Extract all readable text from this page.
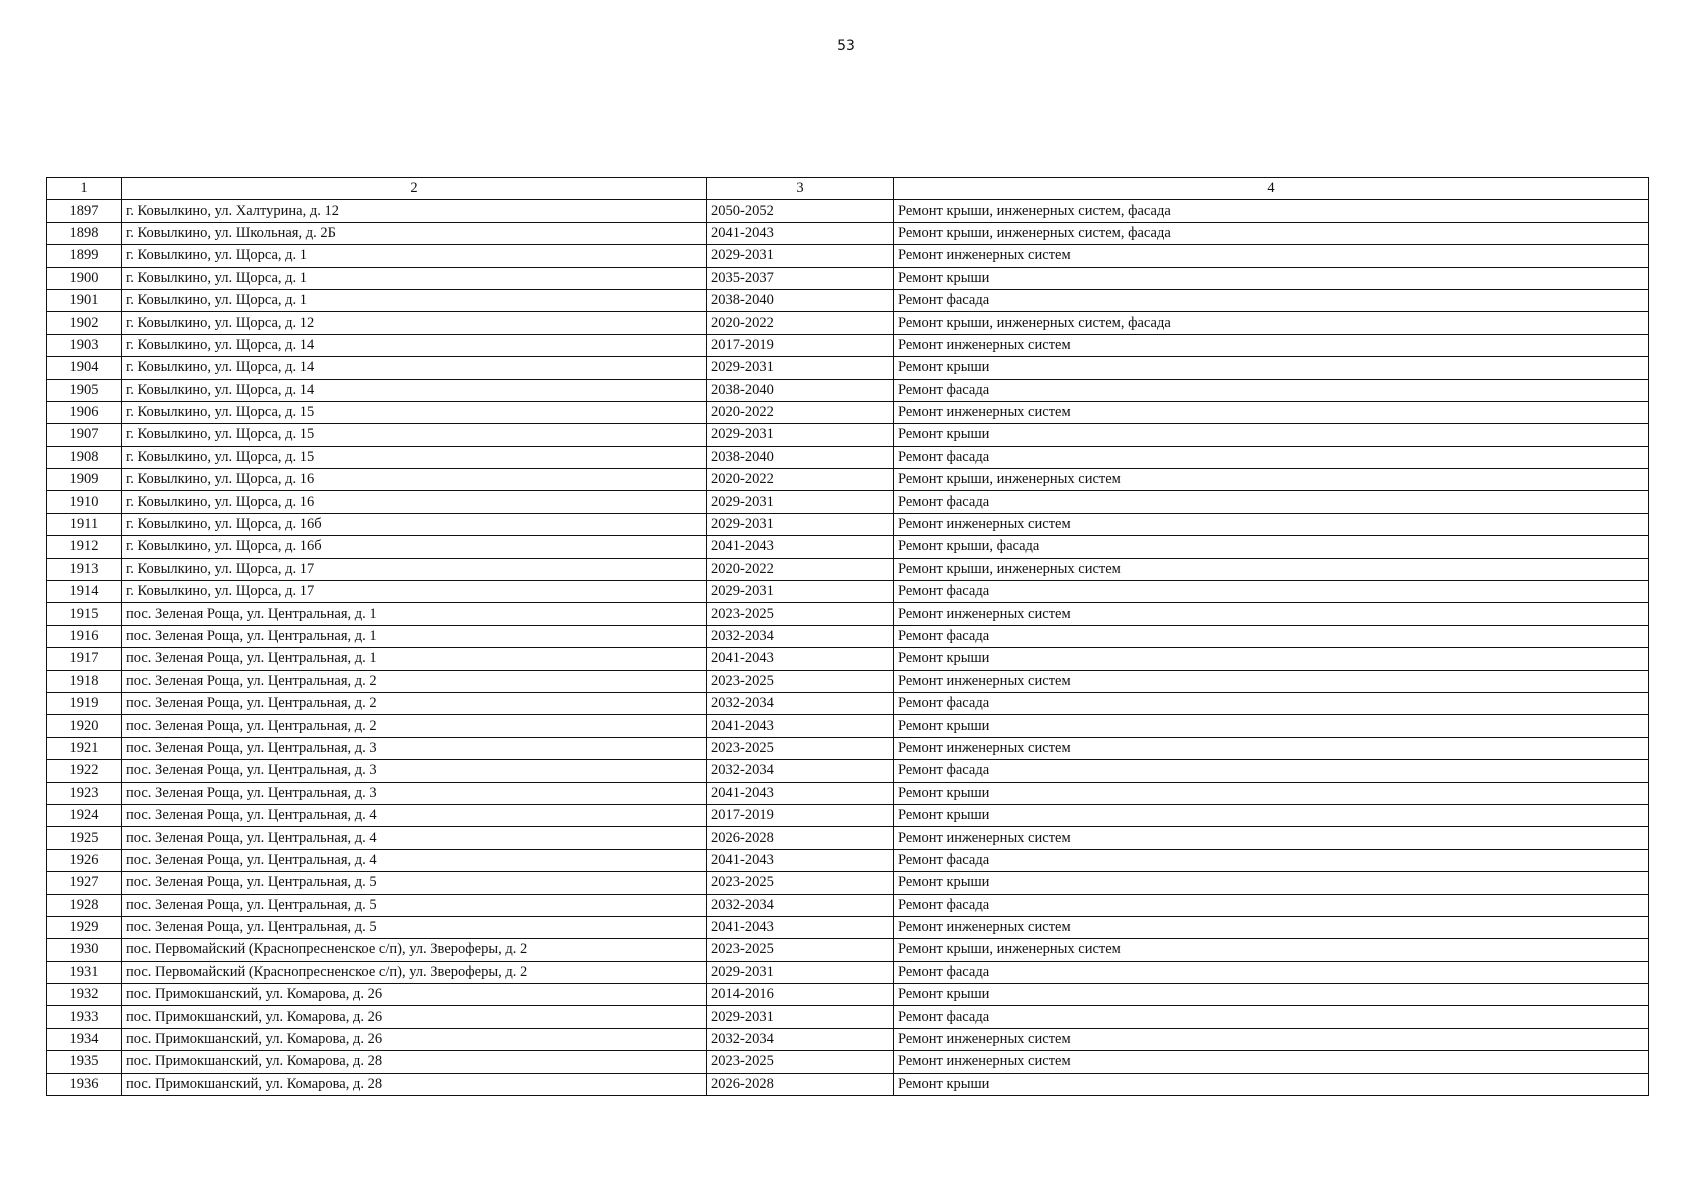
53
1	2	3	4
1897	г. Ковылкино, ул. Халтурина, д. 12	2050-2052	Ремонт крыши, инженерных систем, фасада
1898	г. Ковылкино, ул. Школьная, д. 2Б	2041-2043	Ремонт крыши, инженерных систем, фасада
1899	г. Ковылкино, ул. Щорса, д. 1	2029-2031	Ремонт инженерных систем
1900	г. Ковылкино, ул. Щорса, д. 1	2035-2037	Ремонт крыши
1901	г. Ковылкино, ул. Щорса, д. 1	2038-2040	Ремонт фасада
1902	г. Ковылкино, ул. Щорса, д. 12	2020-2022	Ремонт крыши, инженерных систем, фасада
1903	г. Ковылкино, ул. Щорса, д. 14	2017-2019	Ремонт инженерных систем
1904	г. Ковылкино, ул. Щорса, д. 14	2029-2031	Ремонт крыши
1905	г. Ковылкино, ул. Щорса, д. 14	2038-2040	Ремонт фасада
1906	г. Ковылкино, ул. Щорса, д. 15	2020-2022	Ремонт инженерных систем
1907	г. Ковылкино, ул. Щорса, д. 15	2029-2031	Ремонт крыши
1908	г. Ковылкино, ул. Щорса, д. 15	2038-2040	Ремонт фасада
1909	г. Ковылкино, ул. Щорса, д. 16	2020-2022	Ремонт крыши, инженерных систем
1910	г. Ковылкино, ул. Щорса, д. 16	2029-2031	Ремонт фасада
1911	г. Ковылкино, ул. Щорса, д. 16б	2029-2031	Ремонт инженерных систем
1912	г. Ковылкино, ул. Щорса, д. 16б	2041-2043	Ремонт крыши, фасада
1913	г. Ковылкино, ул. Щорса, д. 17	2020-2022	Ремонт крыши, инженерных систем
1914	г. Ковылкино, ул. Щорса, д. 17	2029-2031	Ремонт фасада
1915	пос. Зеленая Роща, ул. Центральная, д. 1	2023-2025	Ремонт инженерных систем
1916	пос. Зеленая Роща, ул. Центральная, д. 1	2032-2034	Ремонт фасада
1917	пос. Зеленая Роща, ул. Центральная, д. 1	2041-2043	Ремонт крыши
1918	пос. Зеленая Роща, ул. Центральная, д. 2	2023-2025	Ремонт инженерных систем
1919	пос. Зеленая Роща, ул. Центральная, д. 2	2032-2034	Ремонт фасада
1920	пос. Зеленая Роща, ул. Центральная, д. 2	2041-2043	Ремонт крыши
1921	пос. Зеленая Роща, ул. Центральная, д. 3	2023-2025	Ремонт инженерных систем
1922	пос. Зеленая Роща, ул. Центральная, д. 3	2032-2034	Ремонт фасада
1923	пос. Зеленая Роща, ул. Центральная, д. 3	2041-2043	Ремонт крыши
1924	пос. Зеленая Роща, ул. Центральная, д. 4	2017-2019	Ремонт крыши
1925	пос. Зеленая Роща, ул. Центральная, д. 4	2026-2028	Ремонт инженерных систем
1926	пос. Зеленая Роща, ул. Центральная, д. 4	2041-2043	Ремонт фасада
1927	пос. Зеленая Роща, ул. Центральная, д. 5	2023-2025	Ремонт крыши
1928	пос. Зеленая Роща, ул. Центральная, д. 5	2032-2034	Ремонт фасада
1929	пос. Зеленая Роща, ул. Центральная, д. 5	2041-2043	Ремонт инженерных систем
1930	пос. Первомайский (Краснопресненское с/п), ул. Звероферы, д. 2	2023-2025	Ремонт крыши, инженерных систем
1931	пос. Первомайский (Краснопресненское с/п), ул. Звероферы, д. 2	2029-2031	Ремонт фасада
1932	пос. Примокшанский, ул. Комарова, д. 26	2014-2016	Ремонт крыши
1933	пос. Примокшанский, ул. Комарова, д. 26	2029-2031	Ремонт фасада
1934	пос. Примокшанский, ул. Комарова, д. 26	2032-2034	Ремонт инженерных систем
1935	пос. Примокшанский, ул. Комарова, д. 28	2023-2025	Ремонт инженерных систем
1936	пос. Примокшанский, ул. Комарова, д. 28	2026-2028	Ремонт крыши
